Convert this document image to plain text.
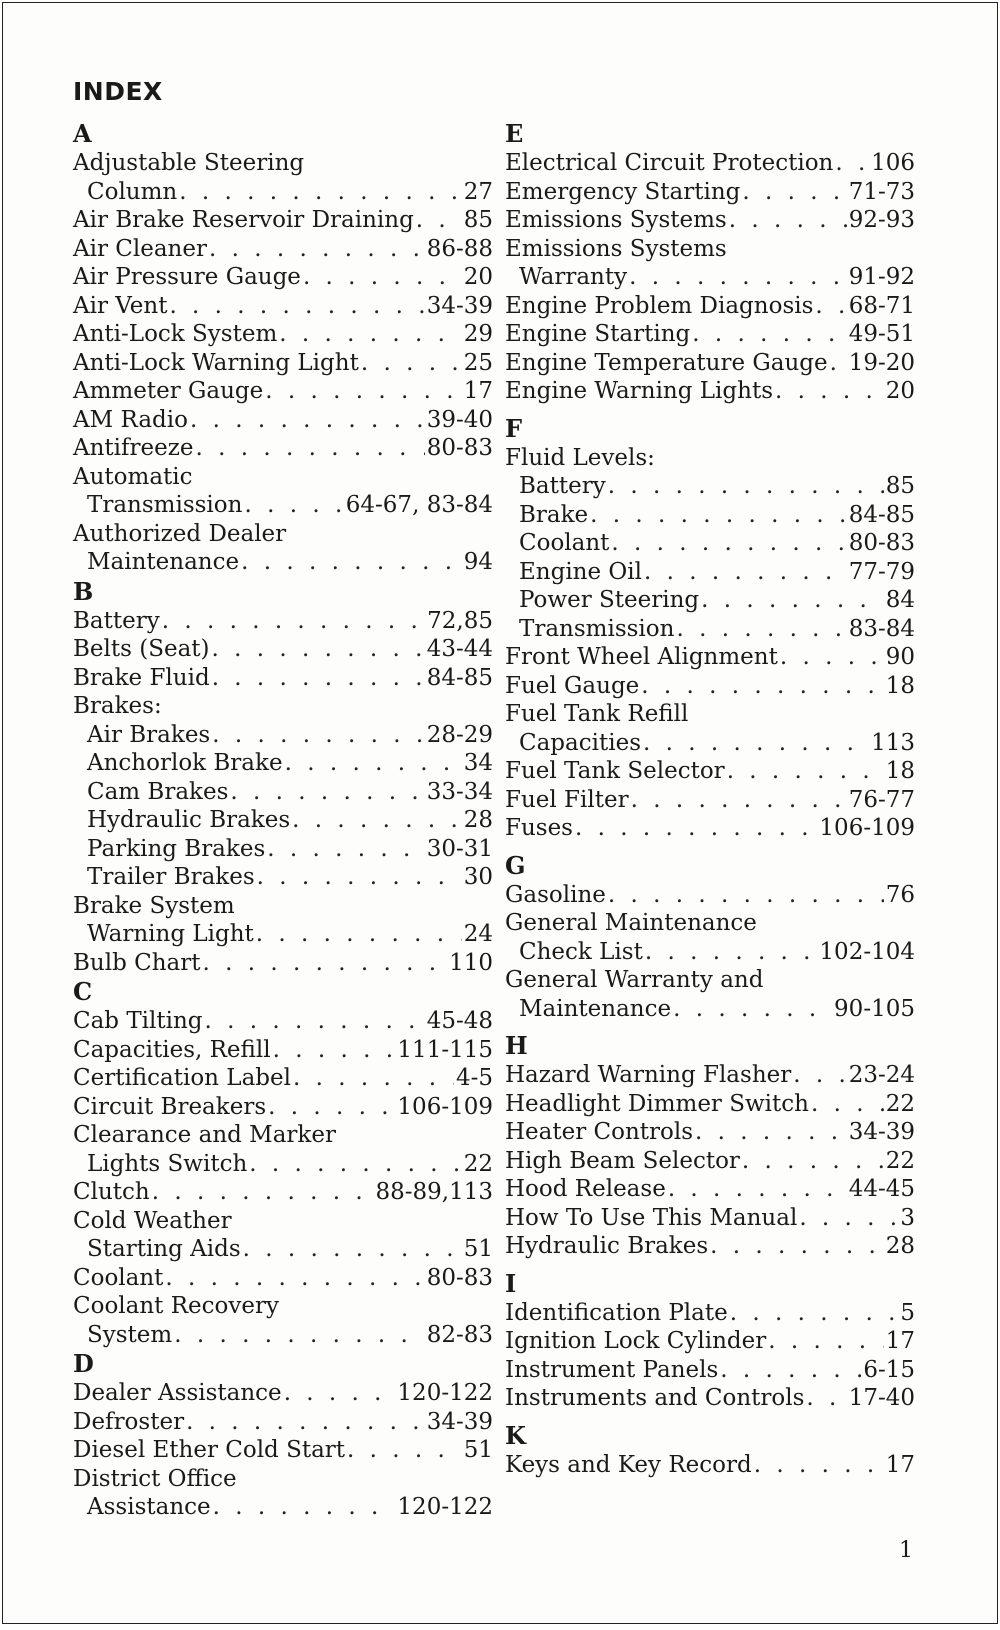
INDEX
A
Adjustable Steering
Column . . .	27
Air Brake Reservoir Draining . . . 85
Air Cleaner . . .	86-88
Air Pressure Gauge . . .	20
Air Vent . . .	34-39
Anti-Lock System . . .	29
Anti-Lock Warning Light . . .	25
Ammeter Gauge . . .	17
AM Radio . . .	39-40
Antifreeze . . .	80-83
Automatic
Transmission . . .	64-67, 83-84
Authorized Dealer
Maintenance . . .	94
B
Battery . . .	72,85
Belts (Seat) . . .	43-44
Brake Fluid . . .	84-85
Brakes:
Air Brakes . . .	28-29
Anchorlok Brake . . .	34
Cam Brakes . . .	33-34
Hydraulic Brakes . . .	28
Parking Brakes . . .	30-31
Trailer Brakes . . .	30
Brake System
Warning Light . . .	24
Bulb Chart . . .	110
C
Cab Tilting . . .	45-48
Capacities, Refill . . .	111-115
Certification Label . . .	4-5
Circuit Breakers . . .	106-109
Clearance and Marker
Lights Switch . . .	22
Clutch . . .	88-89,113
Cold Weather
Starting Aids . . .	51
Coolant . . .	80-83
Coolant Recovery
System . . .	82-83
D
Dealer Assistance . . .	120-122
Defroster . . .	34-39
Diesel Ether Cold Start . . .	51
District Office
Assistance . . .	120-122
E
Electrical Circuit Protection . . . 106
Emergency Starting . . .	71-73
Emissions Systems . . .	92-93
Emissions Systems
Warranty . . .	91-92
Engine Problem Diagnosis . . . 68-71
Engine Starting . . .	49-51
Engine Temperature Gauge . . . 19-20
Engine Warning Lights . . .	20
F
Fluid Levels:
Battery . . .	85
Brake . . .	84-85
Coolant . . .	80-83
Engine Oil . . .	77-79
Power Steering . . .	84
Transmission . . .	83-84
Front Wheel Alignment . . .	90
Fuel Gauge . . .	18
Fuel Tank Refill
Capacities . . .	113
Fuel Tank Selector . . .	18
Fuel Filter . . .	76-77
Fuses . . .	106-109
G
Gasoline . . .	76
General Maintenance
Check List . . .	102-104
General Warranty and
Maintenance . . .	90-105
H
Hazard Warning Flasher . . . 23-24
Headlight Dimmer Switch . . .	22
Heater Controls . . .	34-39
High Beam Selector . . .	22
Hood Release . . .	44-45
How To Use This Manual . . .	3
Hydraulic Brakes . . .	28
I
Identification Plate . . .	5
Ignition Lock Cylinder . . .	17
Instrument Panels . . .	6-15
Instruments and Controls . . . 17-40
K
Keys and Key Record . . .	17
1
